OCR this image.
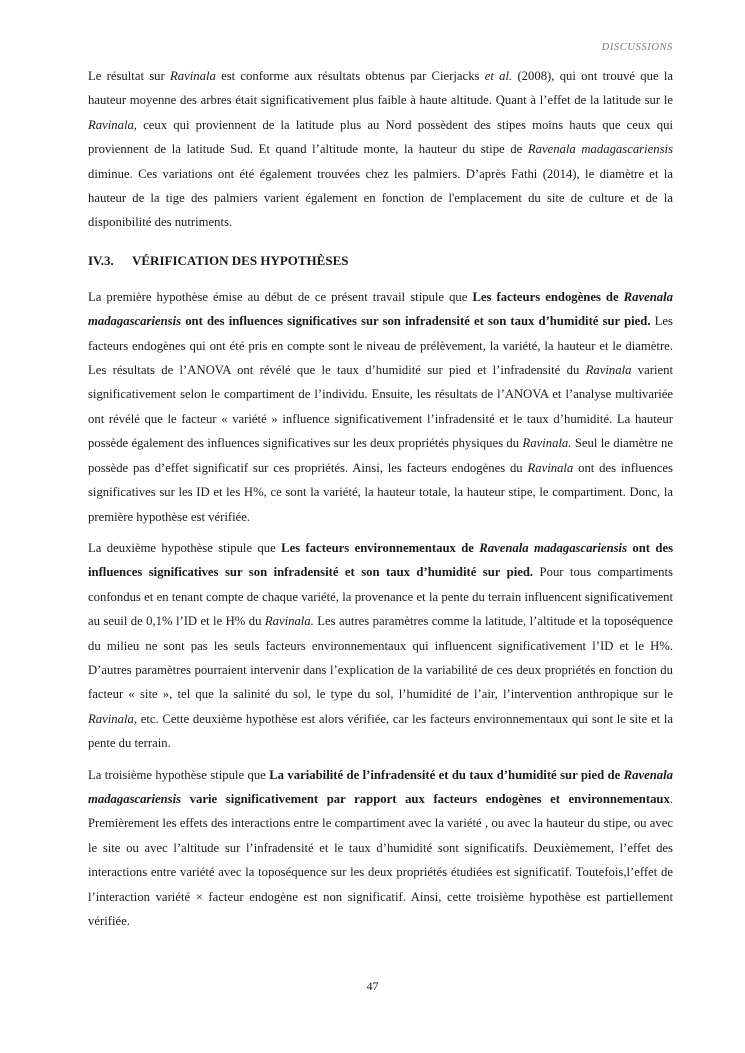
DISCUSSIONS

Le résultat sur Ravinala est conforme aux résultats obtenus par Cierjacks et al. (2008), qui ont trouvé que la hauteur moyenne des arbres était significativement plus faible à haute altitude. Quant à l’effet de la latitude sur le Ravinala, ceux qui proviennent de la latitude plus au Nord possèdent des stipes moins hauts que ceux qui proviennent de la latitude Sud. Et quand l’altitude monte, la hauteur du stipe de Ravenala madagascariensis diminue. Ces variations ont été également trouvées chez les palmiers. D’après Fathi (2014), le diamètre et la hauteur de la tige des palmiers varient également en fonction de l'emplacement du site de culture et de la disponibilité des nutriments.

IV.3. VÉRIFICATION DES HYPOTHÈSES

La première hypothèse émise au début de ce présent travail stipule que Les facteurs endogènes de Ravenala madagascariensis ont des influences significatives sur son infradensité et son taux d’humidité sur pied. Les facteurs endogènes qui ont été pris en compte sont le niveau de prélèvement, la variété, la hauteur et le diamètre. Les résultats de l’ANOVA ont révélé que le taux d’humidité sur pied et l’infradensité du Ravinala varient significativement selon le compartiment de l’individu. Ensuite, les résultats de l’ANOVA et l’analyse multivariée ont révélé que le facteur « variété » influence significativement l’infradensité et le taux d’humidité. La hauteur possède également des influences significatives sur les deux propriétés physiques du Ravinala. Seul le diamètre ne possède pas d’effet significatif sur ces propriétés. Ainsi, les facteurs endogènes du Ravinala ont des influences significatives sur les ID et les H%, ce sont la variété, la hauteur totale, la hauteur stipe, le compartiment. Donc, la première hypothèse est vérifiée.

La deuxième hypothèse stipule que Les facteurs environnementaux de Ravenala madagascariensis ont des influences significatives sur son infradensité et son taux d’humidité sur pied. Pour tous compartiments confondus et en tenant compte de chaque variété, la provenance et la pente du terrain influencent significativement au seuil de 0,1% l’ID et le H% du Ravinala. Les autres paramètres comme la latitude, l’altitude et la toposéquence du milieu ne sont pas les seuls facteurs environnementaux qui influencent significativement l’ID et le H%. D’autres paramètres pourraient intervenir dans l’explication de la variabilité de ces deux propriétés en fonction du facteur « site », tel que la salinité du sol, le type du sol, l’humidité de l’air, l’intervention anthropique sur le Ravinala, etc. Cette deuxième hypothèse est alors vérifiée, car les facteurs environnementaux qui sont le site et la pente du terrain.

La troisième hypothèse stipule que La variabilité de l’infradensité et du taux d’humidité sur pied de Ravenala madagascariensis varie significativement par rapport aux facteurs endogènes et environnementaux. Premièrement les effets des interactions entre le compartiment avec la variété , ou avec la hauteur du stipe, ou avec le site ou avec l’altitude sur l’infradensité et le taux d’humidité sont significatifs. Deuxièmement, l’effet des interactions entre variété avec la toposéquence sur les deux propriétés étudiées est significatif. Toutefois,l’effet de l’interaction variété × facteur endogène est non significatif. Ainsi, cette troisième hypothèse est partiellement vérifiée.

47
